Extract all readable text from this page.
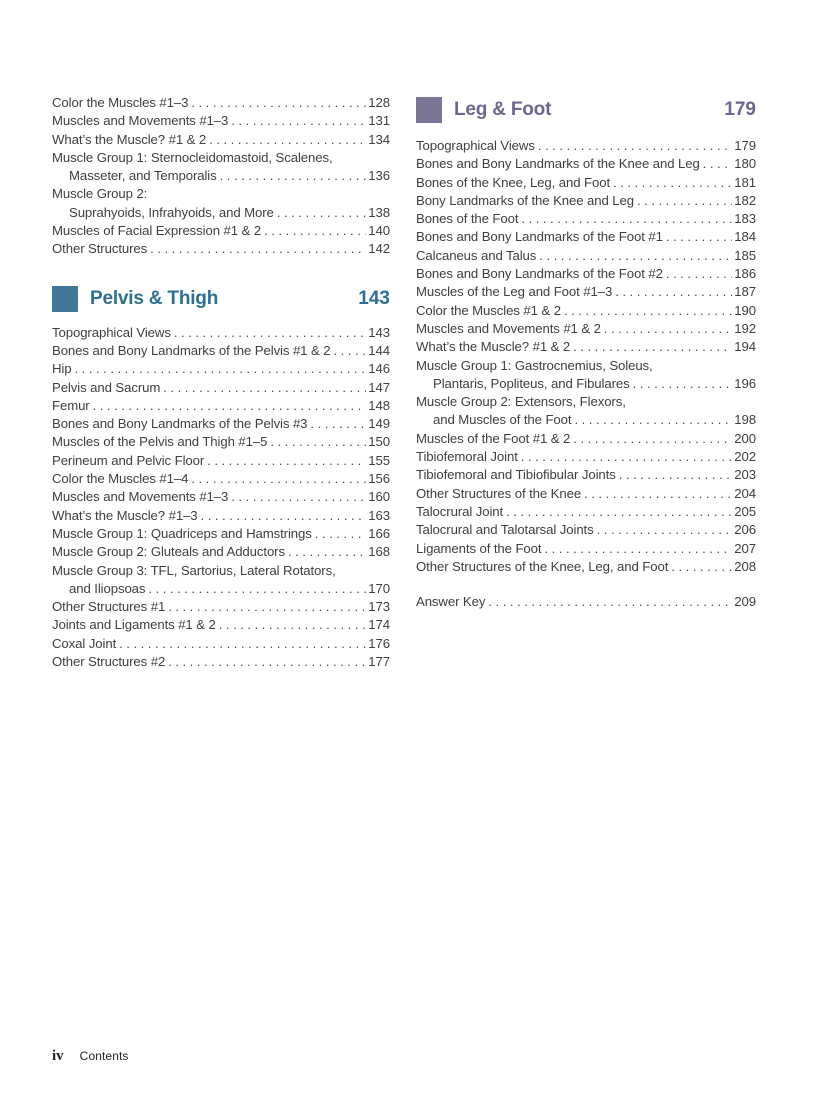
Color the Muscles #1–3 .....	128
Muscles and Movements #1–3 .....	131
What’s the Muscle? #1 & 2 .....	134
Muscle Group 1: Sternocleidomastoid, Scalenes,
Masseter, and Temporalis .....	136
Muscle Group 2:
Suprahyoids, Infrahyoids, and More .....	138
Muscles of Facial Expression #1 & 2 .....	140
Other Structures .....	142
Pelvis & Thigh	143
Topographical Views .....	143
Bones and Bony Landmarks of the Pelvis #1 & 2 .....	144
Hip .....	146
Pelvis and Sacrum .....	147
Femur .....	148
Bones and Bony Landmarks of the Pelvis #3 .....	149
Muscles of the Pelvis and Thigh #1–5 .....	150
Perineum and Pelvic Floor .....	155
Color the Muscles #1–4 .....	156
Muscles and Movements #1–3 .....	160
What’s the Muscle? #1–3 .....	163
Muscle Group 1: Quadriceps and Hamstrings .....	166
Muscle Group 2: Gluteals and Adductors .....	168
Muscle Group 3: TFL, Sartorius, Lateral Rotators,
and Iliopsoas .....	170
Other Structures #1 .....	173
Joints and Ligaments #1 & 2 .....	174
Coxal Joint .....	176
Other Structures #2 .....	177
Leg & Foot	179
Topographical Views .....	179
Bones and Bony Landmarks of the Knee and Leg .....	180
Bones of the Knee, Leg, and Foot .....	181
Bony Landmarks of the Knee and Leg .....	182
Bones of the Foot .....	183
Bones and Bony Landmarks of the Foot #1 .....	184
Calcaneus and Talus .....	185
Bones and Bony Landmarks of the Foot #2 .....	186
Muscles of the Leg and Foot #1–3 .....	187
Color the Muscles #1 & 2 .....	190
Muscles and Movements #1 & 2 .....	192
What’s the Muscle? #1 & 2 .....	194
Muscle Group 1: Gastrocnemius, Soleus,
Plantaris, Popliteus, and Fibulares .....	196
Muscle Group 2: Extensors, Flexors,
and Muscles of the Foot .....	198
Muscles of the Foot #1 & 2 .....	200
Tibiofemoral Joint .....	202
Tibiofemoral and Tibiofibular Joints .....	203
Other Structures of the Knee .....	204
Talocrural Joint .....	205
Talocrural and Talotarsal Joints .....	206
Ligaments of the Foot .....	207
Other Structures of the Knee, Leg, and Foot .....	208
Answer Key .....	209
iv Contents
